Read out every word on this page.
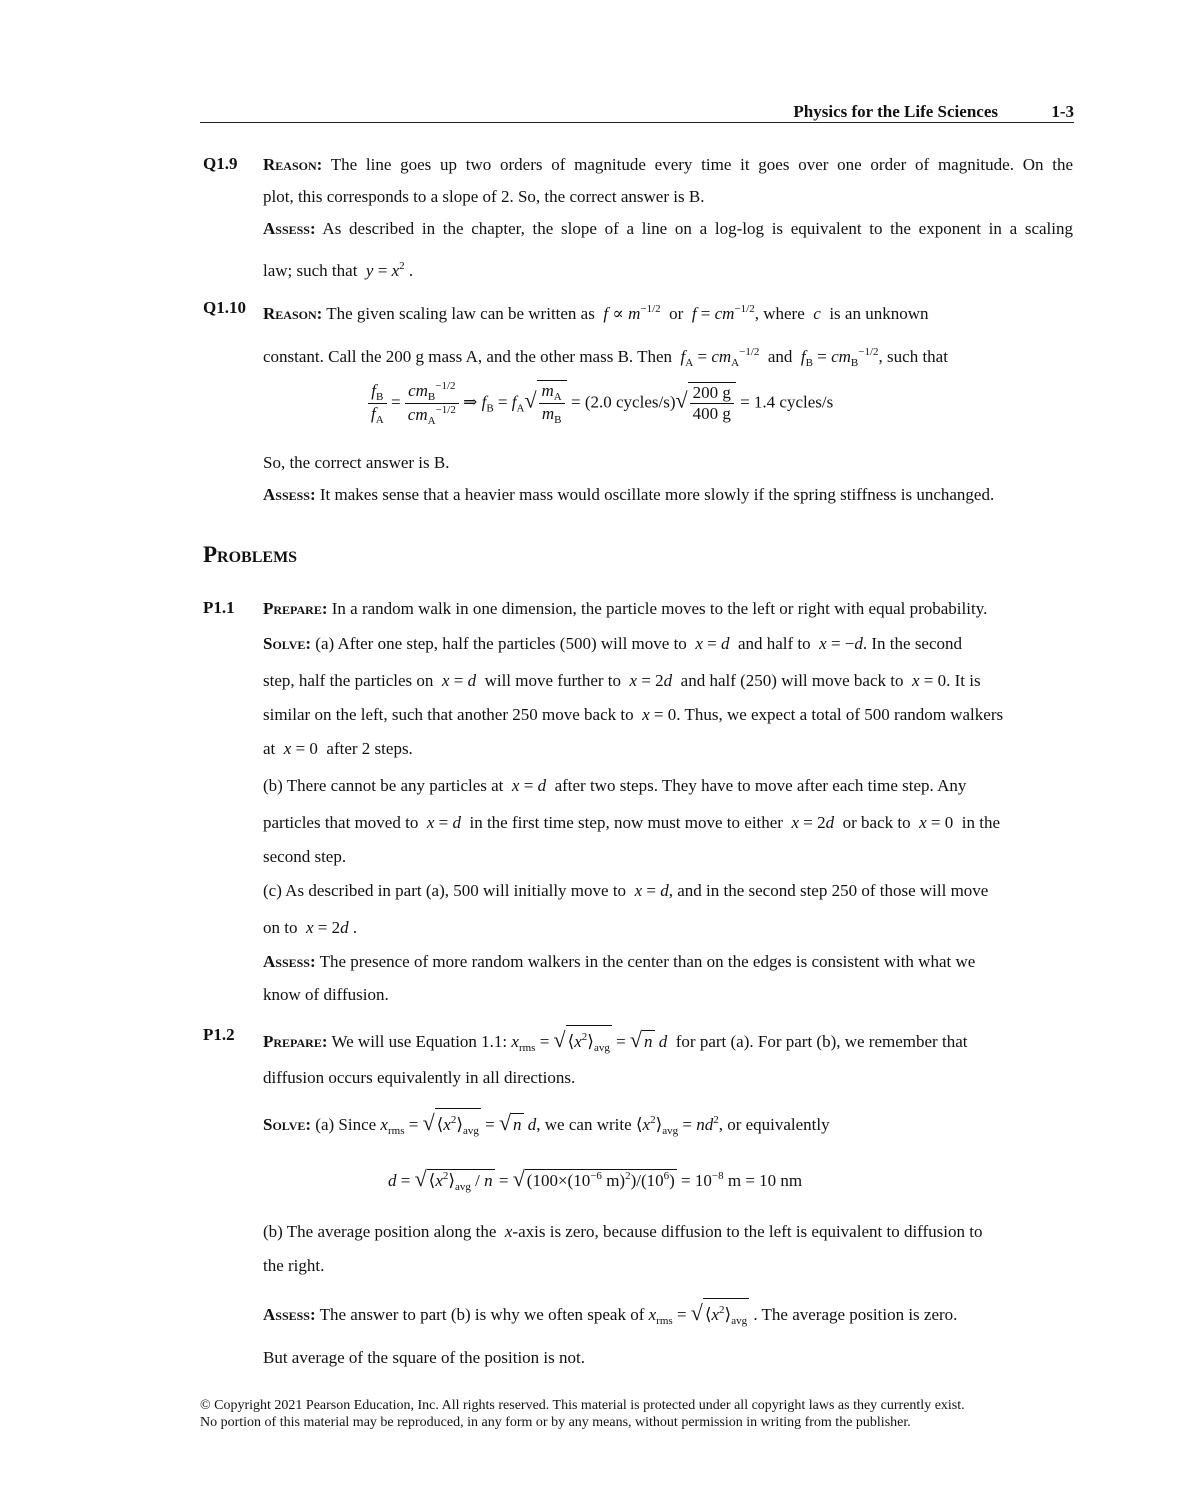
Physics for the Life Sciences	1-3
Q1.9 Reason: The line goes up two orders of magnitude every time it goes over one order of magnitude. On the
plot, this corresponds to a slope of 2. So, the correct answer is B.
Assess: As described in the chapter, the slope of a line on a log-log is equivalent to the exponent in a scaling
law; such that $y = x^2$ .
Q1.10 Reason: The given scaling law can be written as $f \propto m^{-1/2}$ or $f = cm^{-1/2}$, where c is an unknown
constant. Call the 200 g mass A, and the other mass B. Then $f_A = cm_A^{-1/2}$ and $f_B = cm_B^{-1/2}$, such that
$\frac{f_B}{f_A} = \frac{cm_B^{-1/2}}{cm_A^{-1/2}}$ ⇒ $f_B = f_A√ \frac{m_A}{m_B} = (2.0$ cycles/s)√ $\frac{200 g}{400 g} = 1.4$ cycles/s
So, the correct answer is B.
Assess: It makes sense that a heavier mass would oscillate more slowly if the spring stiffness is unchanged.
Problems
P1.1 Prepare: In a random walk in one dimension, the particle moves to the left or right with equal probability.
Solve: (a) After one step, half the particles (500) will move to x = d and half to x = −d. In the second
step, half the particles on x = d will move further to x = 2d and half (250) will move back to x = 0. It is
similar on the left, such that another 250 move back to x = 0. Thus, we expect a total of 500 random walkers
at x = 0  after 2 steps.
(b) There cannot be any particles at x = d after two steps. They have to move after each time step. Any
particles that moved to x = d in the first time step, now must move to either x = 2d or back to x = 0  in the
second step.
(c) As described in part (a), 500 will initially move to x = d, and in the second step 250 of those will move
on to x = 2d .
Assess: The presence of more random walkers in the center than on the edges is consistent with what we
know of diffusion.
P1.2 Prepare: We will use Equation 1.1: $x_{rms}$ = √ $⟨x^2⟩_{avg}$ = √ n d for part (a). For part (b), we remember that
diffusion occurs equivalently in all directions.
Solve: (a) Since $x_{rms}$ = √ $⟨x^2⟩_{avg}$ = √ n d, we can write $⟨x^2⟩_{avg} = nd^2$, or equivalently
d = √ $⟨x^2⟩_{avg}$ / n = √ ($100\times(10^{-6}$ $m)^2)/(10^6) = 10^{-8}$ m = 10 nm
(b) The average position along the x-axis is zero, because diffusion to the left is equivalent to diffusion to
the right.
Assess: The answer to part (b) is why we often speak of $x_{rms}$ = √ $⟨x^2⟩_{avg}$ . The average position is zero.
But average of the square of the position is not.
© Copyright 2021 Pearson Education, Inc. All rights reserved. This material is protected under all copyright laws as they currently exist.
No portion of this material may be reproduced, in any form or by any means, without permission in writing from the publisher.
